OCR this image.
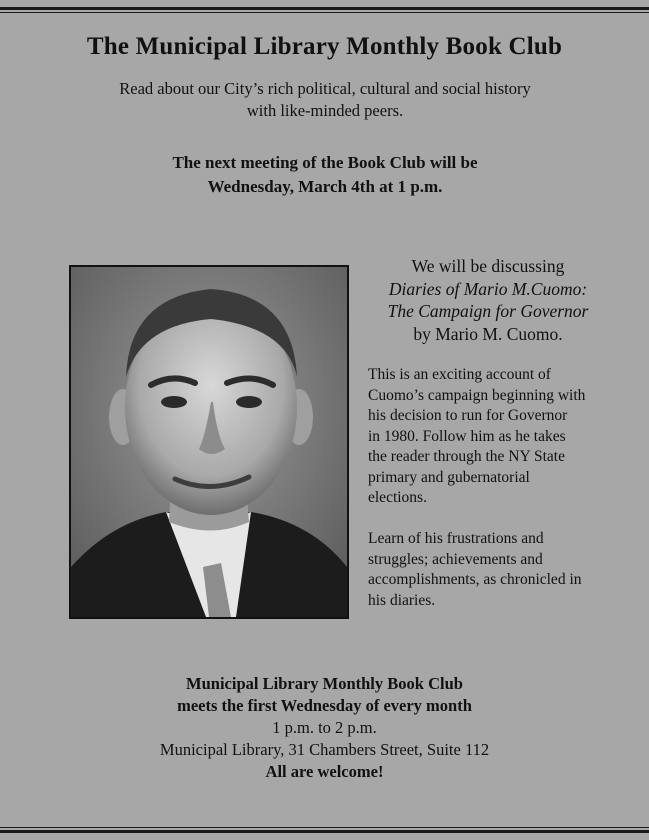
The Municipal Library Monthly Book Club
Read about our City’s rich political, cultural and social history
with like-minded peers.
The next meeting of the Book Club will be
Wednesday, March 4th at 1 p.m.
We will be discussing
Diaries of Mario M.Cuomo:
The Campaign for Governor
by Mario M. Cuomo.
This is an exciting account of
Cuomo’s campaign beginning with
his decision to run for Governor
in 1980. Follow him as he takes
the reader through the NY State
primary and gubernatorial
elections.
Learn of his frustrations and
struggles; achievements and
accomplishments, as chronicled in
his diaries.
Municipal Library Monthly Book Club
meets the first Wednesday of every month
1 p.m. to 2 p.m.
Municipal Library, 31 Chambers Street, Suite 112
All are welcome!
